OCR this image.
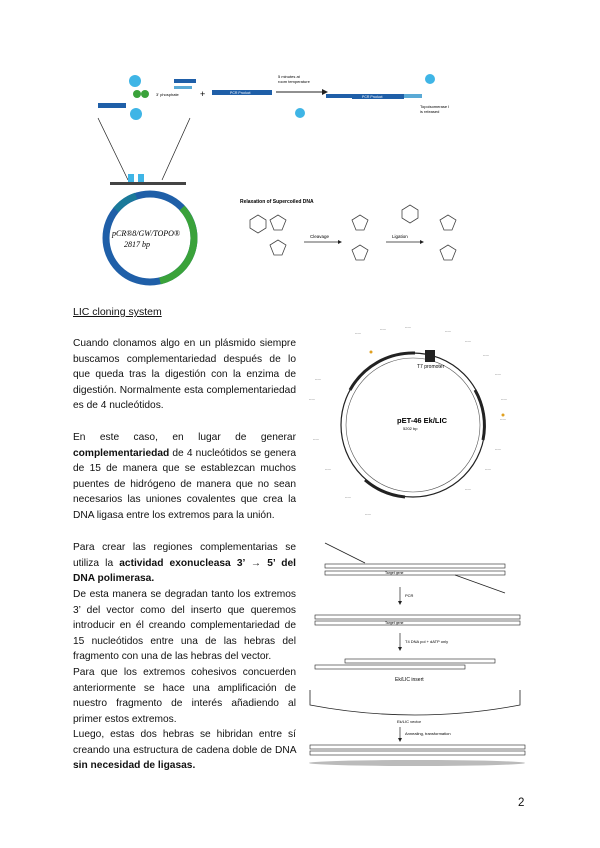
3' phosphate +	PCR Product
5 minutes at
room temperature
PCR Product
Topoisomerase I
is released
pCR®8/GW/TOPO®
2817 bp
Relaxation of Supercoiled DNA
Cleavage	Ligation
LIC cloning system
Cuando clonamos algo en un plásmido siempre buscamos complementariedad después de lo que queda tras la digestión con la enzima de digestión. Normalmente esta complementariedad es de 4 nucleótidos.
En este caso, en lugar de generar complementariedad de 4 nucleótidos se genera de 15 de manera que se establezcan muchos puentes de hidrógeno de manera que no sean necesarios las uniones covalentes que crea la DNA ligasa entre los extremos para la unión.
Para crear las regiones complementarias se utiliza la actividad exonucleasa 3’ → 5’ del DNA polimerasa.
De esta manera se degradan tanto los extremos 3’ del vector como del inserto que queremos introducir en él creando complementariedad de 15 nucleótidos entre una de las hebras del fragmento con una de las hebras del vector.
Para que los extremos cohesivos concuerden anteriormente se hace una amplificación de nuestro fragmento de interés añadiendo al primer estos extremos.
Luego, estas dos hebras se hibridan entre sí creando una estructura de cadena doble de DNA sin necesidad de ligasas.
pET-46 Ek/LIC
5202 bp
T7 promoter
-----
-----	-----
-----
-----
-----
-----
-----
-----
-----
-----
-----
-----
-----
-----
-----
-----
-----
Target gene
PCR
Target gene
T4 DNA pol + dATP only
Ek/LIC insert
Ek/LIC vector
Annealing, transformation
2
